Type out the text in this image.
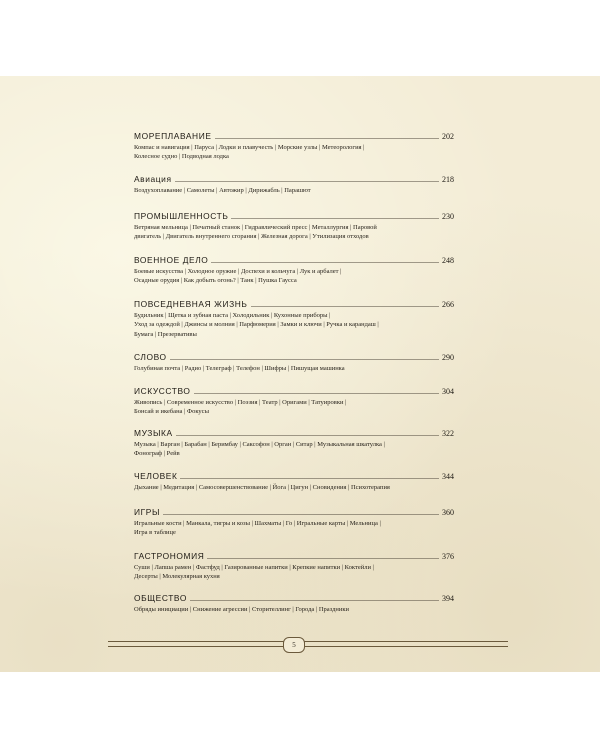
МОРЕПЛАВАНИЕ	202
Компас и навигация | Паруса | Лодки и плавучесть | Морские узлы | Метеорология |
Колесное судно | Подводная лодка
Авиация	218
Воздухоплавание | Самолеты | Автожир | Дирижабль | Парашют
ПРОМЫШЛЕННОСТЬ	230
Ветряная мельница | Печатный станок | Гидравлический пресс | Металлургия | Паровой
двигатель | Двигатель внутреннего сгорания | Железная дорога | Утилизация отходов
ВОЕННОЕ ДЕЛО	248
Боевые искусства | Холодное оружие | Доспехи и кольчуга | Лук и арбалет |
Осадные орудия | Как добыть огонь? | Танк | Пушка Гаусса
ПОВСЕДНЕВНАЯ ЖИЗНЬ	266
Будильник | Щетка и зубная паста | Холодильник | Кухонные приборы |
Уход за одеждой | Джинсы и молния | Парфюмерия | Замки и ключи | Ручка и карандаш |
Бумага | Презервативы
СЛОВО	290
Голубиная почта | Радио | Телеграф | Телефон | Шифры | Пишущая машинка
ИСКУССТВО	304
Живопись | Современное искусство | Поэзия | Театр | Оригами | Татуировки |
Бонсай и икебана | Фокусы
МУЗЫКА	322
Музыка | Варган | Барабан | Беримбау | Саксофон | Орган | Ситар | Музыкальная шкатулка |
Фонограф | Рейв
ЧЕЛОВЕК	344
Дыхание | Медитация | Самосовершенствование | Йога | Цигун | Сновидения | Психотерапия
ИГРЫ	360
Игральные кости | Манкала, тигры и козы | Шахматы | Го | Игральные карты | Мельница |
Игра в таблице
ГАСТРОНОМИЯ	376
Суши | Лапша рамен | Фастфуд | Газированные напитки | Крепкие напитки | Коктейли |
Десерты | Молекулярная кухня
ОБЩЕСТВО	394
Обряды инициации | Снижение агрессии | Сторителлинг | Города | Праздники
5
